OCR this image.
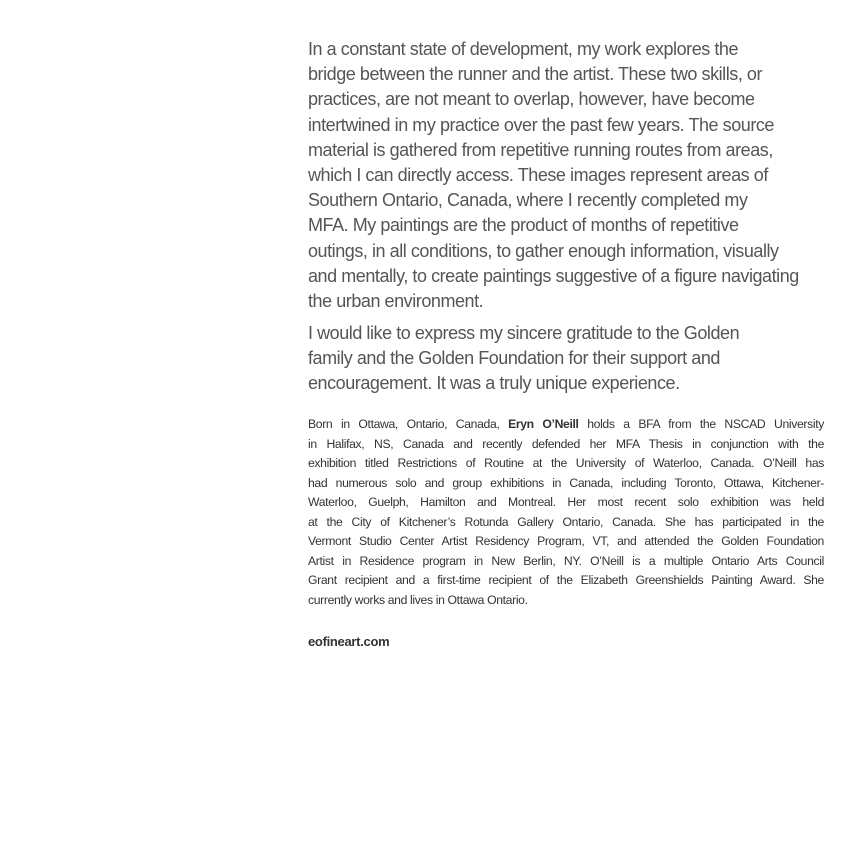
In a constant state of development, my work explores the
bridge between the runner and the artist. These two skills, or
practices, are not meant to overlap, however, have become
intertwined in my practice over the past few years. The source
material is gathered from repetitive running routes from areas,
which I can directly access. These images represent areas of
Southern Ontario, Canada, where I recently completed my
MFA. My paintings are the product of months of repetitive
outings, in all conditions, to gather enough information, visually
and mentally, to create paintings suggestive of a figure navigating
the urban environment.
I would like to express my sincere gratitude to the Golden
family and the Golden Foundation for their support and
encouragement. It was a truly unique experience.
Born in Ottawa, Ontario, Canada, Eryn O’Neill holds a BFA from the NSCAD University
in Halifax, NS, Canada and recently defended her MFA Thesis in conjunction with the
exhibition titled Restrictions of Routine at the University of Waterloo, Canada. O’Neill has
had numerous solo and group exhibitions in Canada, including Toronto, Ottawa, Kitchener-
Waterloo, Guelph, Hamilton and Montreal. Her most recent solo exhibition was held
at the City of Kitchener’s Rotunda Gallery Ontario, Canada. She has participated in the
Vermont Studio Center Artist Residency Program, VT, and attended the Golden Foundation
Artist in Residence program in New Berlin, NY. O’Neill is a multiple Ontario Arts Council
Grant recipient and a first-time recipient of the Elizabeth Greenshields Painting Award. She
currently works and lives in Ottawa Ontario.
eofineart.com
